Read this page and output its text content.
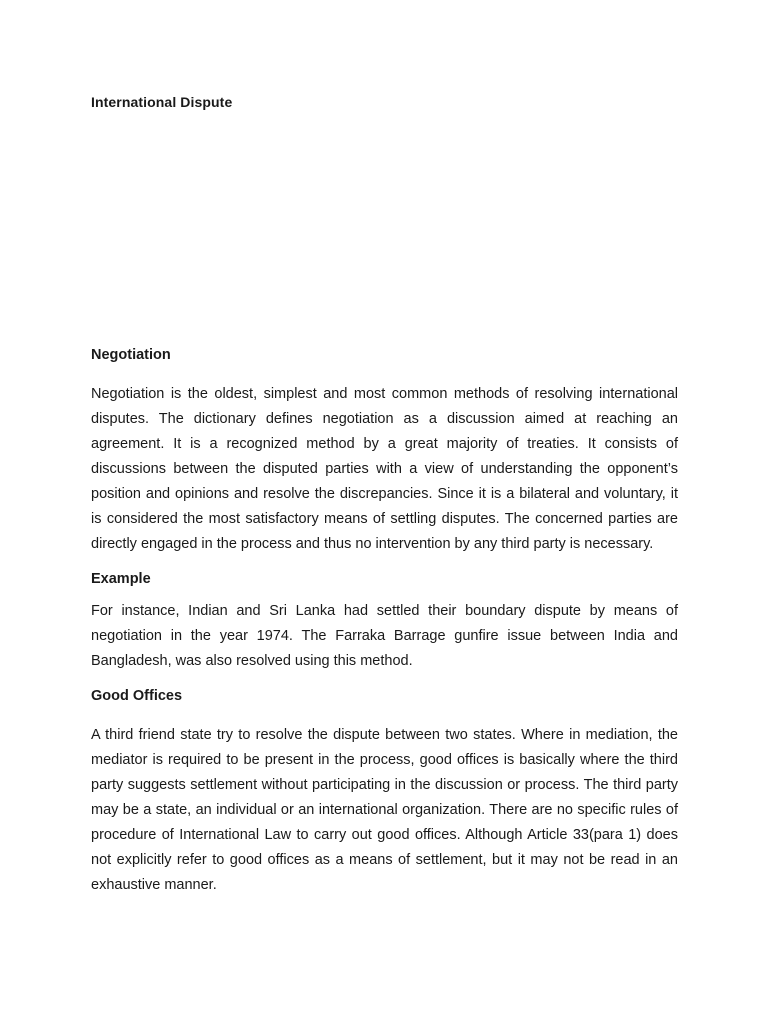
International Dispute
Negotiation

Negotiation is the oldest, simplest and most common methods of resolving international disputes. The dictionary defines negotiation as a discussion aimed at reaching an agreement. It is a recognized method by a great majority of treaties. It consists of discussions between the disputed parties with a view of understanding the opponent’s position and opinions and resolve the discrepancies. Since it is a bilateral and voluntary, it is considered the most satisfactory means of settling disputes. The concerned parties are directly engaged in the process and thus no intervention by any third party is necessary.

Example

For instance, Indian and Sri Lanka had settled their boundary dispute by means of negotiation in the year 1974. The Farraka Barrage gunfire issue between India and Bangladesh, was also resolved using this method.

Good Offices

A third friend state try to resolve the dispute between two states. Where in mediation, the mediator is required to be present in the process, good offices is basically where the third party suggests settlement without participating in the discussion or process. The third party may be a state, an individual or an international organization. There are no specific rules of procedure of International Law to carry out good offices. Although Article 33(para 1) does not explicitly refer to good offices as a means of settlement, but it may not be read in an exhaustive manner.
